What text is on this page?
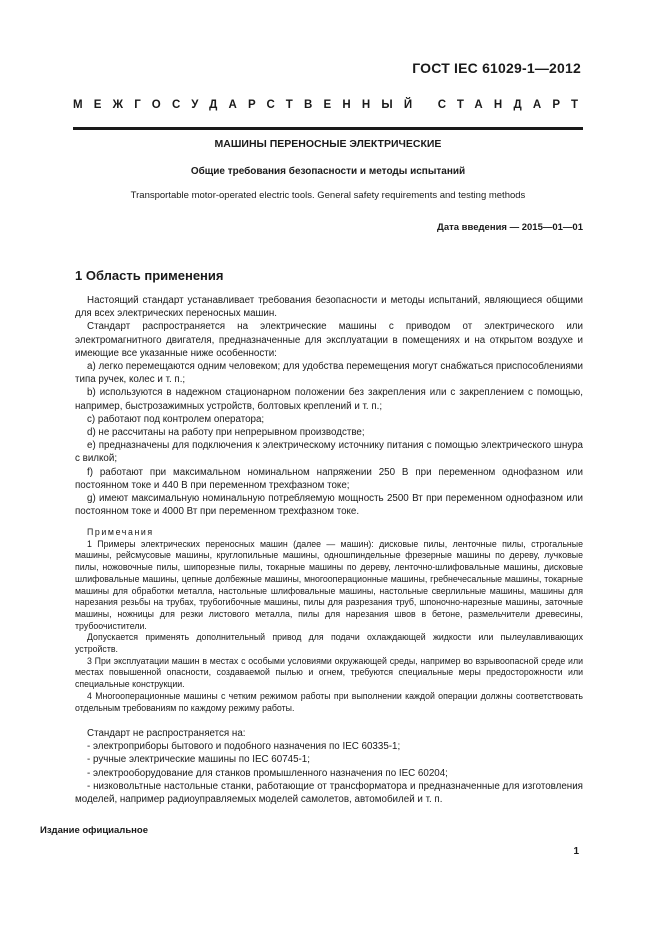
ГОСТ IEC 61029-1—2012
МЕЖГОСУДАРСТВЕННЫЙ СТАНДАРТ
МАШИНЫ ПЕРЕНОСНЫЕ ЭЛЕКТРИЧЕСКИЕ
Общие требования безопасности и методы испытаний
Transportable motor-operated electric tools. General safety requirements and testing methods
Дата введения — 2015—01—01
1 Область применения
Настоящий стандарт устанавливает требования безопасности и методы испытаний, являющиеся общими для всех электрических переносных машин.
Стандарт распространяется на электрические машины с приводом от электрического или электромагнитного двигателя, предназначенные для эксплуатации в помещениях и на открытом воздухе и имеющие все указанные ниже особенности:
а) легко перемещаются одним человеком; для удобства перемещения могут снабжаться приспособлениями типа ручек, колес и т. п.;
b) используются в надежном стационарном положении без закрепления или с закреплением с помощью, например, быстрозажимных устройств, болтовых креплений и т. п.;
c) работают под контролем оператора;
d) не рассчитаны на работу при непрерывном производстве;
е) предназначены для подключения к электрическому источнику питания с помощью электрического шнура с вилкой;
f) работают при максимальном номинальном напряжении 250 В при переменном однофазном или постоянном токе и 440 В при переменном трехфазном токе;
g) имеют максимальную номинальную потребляемую мощность 2500 Вт при переменном однофазном или постоянном токе и 4000 Вт при переменном трехфазном токе.
Примечания
1 Примеры электрических переносных машин (далее — машин): дисковые пилы, ленточные пилы, строгальные машины, рейсмусовые машины, круглопильные машины, одношпиндельные фрезерные машины по дереву, лучковые пилы, ножовочные пилы, шипорезные пилы, токарные машины по дереву, ленточно-шлифовальные машины, дисковые шлифовальные машины, цепные долбежные машины, многооперационные машины, гребнечесальные машины, токарные машины для обработки металла, настольные шлифовальные машины, настольные сверлильные машины, машины для нарезания резьбы на трубах, трубогибочные машины, пилы для разрезания труб, шпоночно-нарезные машины, заточные машины, ножницы для резки листового металла, пилы для нарезания швов в бетоне, размельчители древесины, трубоочистители.
Допускается применять дополнительный привод для подачи охлаждающей жидкости или пылеулавливающих устройств.
3 При эксплуатации машин в местах с особыми условиями окружающей среды, например во взрывоопасной среде или местах повышенной опасности, создаваемой пылью и огнем, требуются специальные меры предосторожности или специальные конструкции.
4 Многооперационные машины с четким режимом работы при выполнении каждой операции должны соответствовать отдельным требованиям по каждому режиму работы.
Стандарт не распространяется на:
- электроприборы бытового и подобного назначения по IEC 60335-1;
- ручные электрические машины по IEC 60745-1;
- электрооборудование для станков промышленного назначения по IEC 60204;
- низковольтные настольные станки, работающие от трансформатора и предназначенные для изготовления моделей, например радиоуправляемых моделей самолетов, автомобилей и т. п.
Издание официальное
1
